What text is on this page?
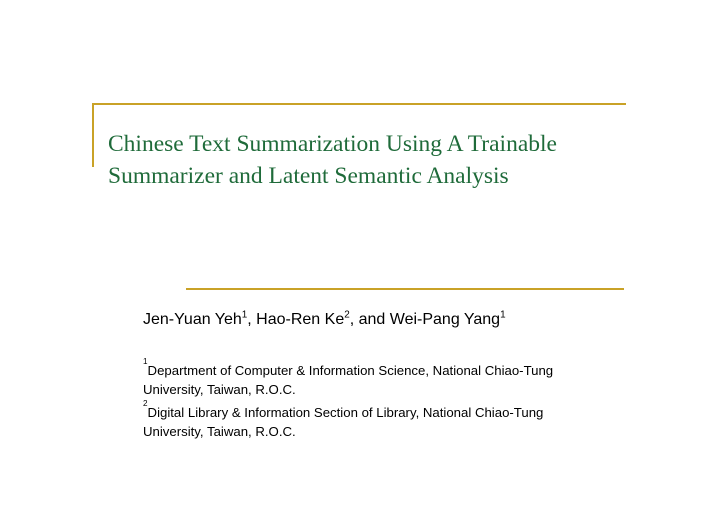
Chinese Text Summarization Using A Trainable
Summarizer and Latent Semantic Analysis

Jen-Yuan Yeh$^1$, Hao-Ren Ke$^2$, and Wei-Pang Yang$^1$

$^1$Department of Computer & Information Science, National Chiao-Tung
University, Taiwan, R.O.C.

$^2$Digital Library & Information Section of Library, National Chiao-Tung
University, Taiwan, R.O.C.
